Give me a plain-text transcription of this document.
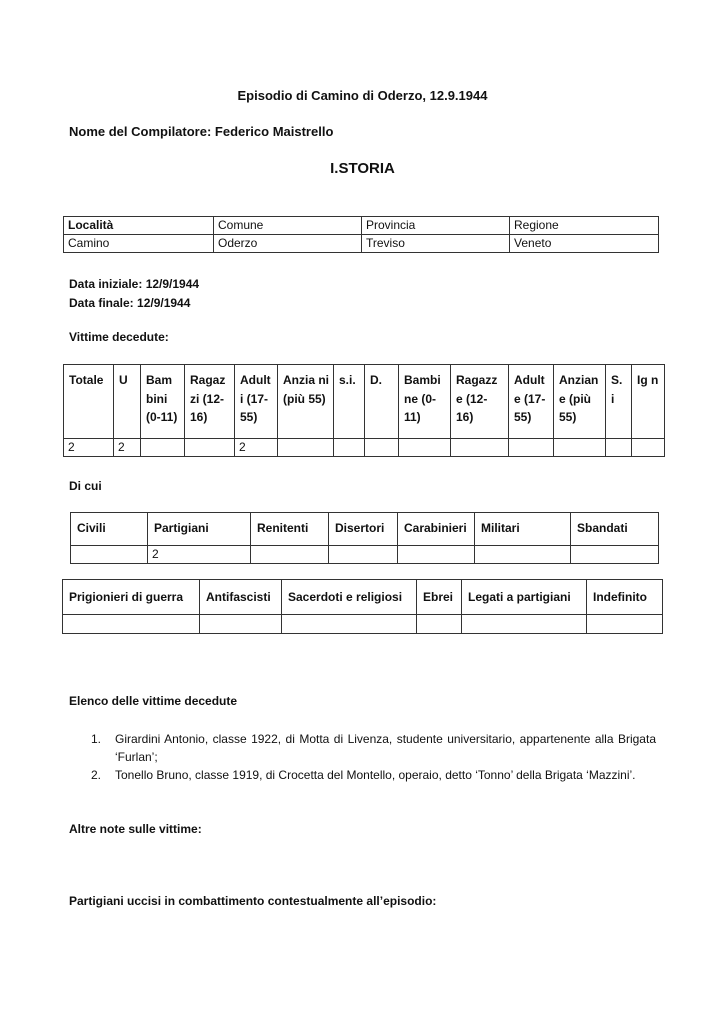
Episodio di Camino di Oderzo, 12.9.1944
Nome del Compilatore: Federico Maistrello
I.STORIA
Località	Comune	Provincia	Regione
Camino	Oderzo	Treviso	Veneto
Data iniziale: 12/9/1944
Data finale: 12/9/1944
Vittime decedute:
Totale	U	Bam bini (0-11)	Ragaz zi (12-16)	Adult i (17-55)	Anzia ni (più 55)	s.i.	D.	Bambi ne (0-11)	Ragazze (12-16)	Adult e (17-55)	Anzian e (più 55)	S. i	Ig n
2	2			2									
Di cui
Civili	Partigiani	Renitenti	Disertori	Carabinieri	Militari	Sbandati
	2					
Prigionieri di guerra	Antifascisti	Sacerdoti e religiosi	Ebrei	Legati a partigiani	Indefinito

Elenco delle vittime decedute
1. Girardini Antonio, classe 1922, di Motta di Livenza, studente universitario, appartenente alla Brigata ‘Furlan’;
2. Tonello Bruno, classe 1919, di Crocetta del Montello, operaio, detto ‘Tonno’ della Brigata ‘Mazzini’.
Altre note sulle vittime:
Partigiani uccisi in combattimento contestualmente all’episodio:
